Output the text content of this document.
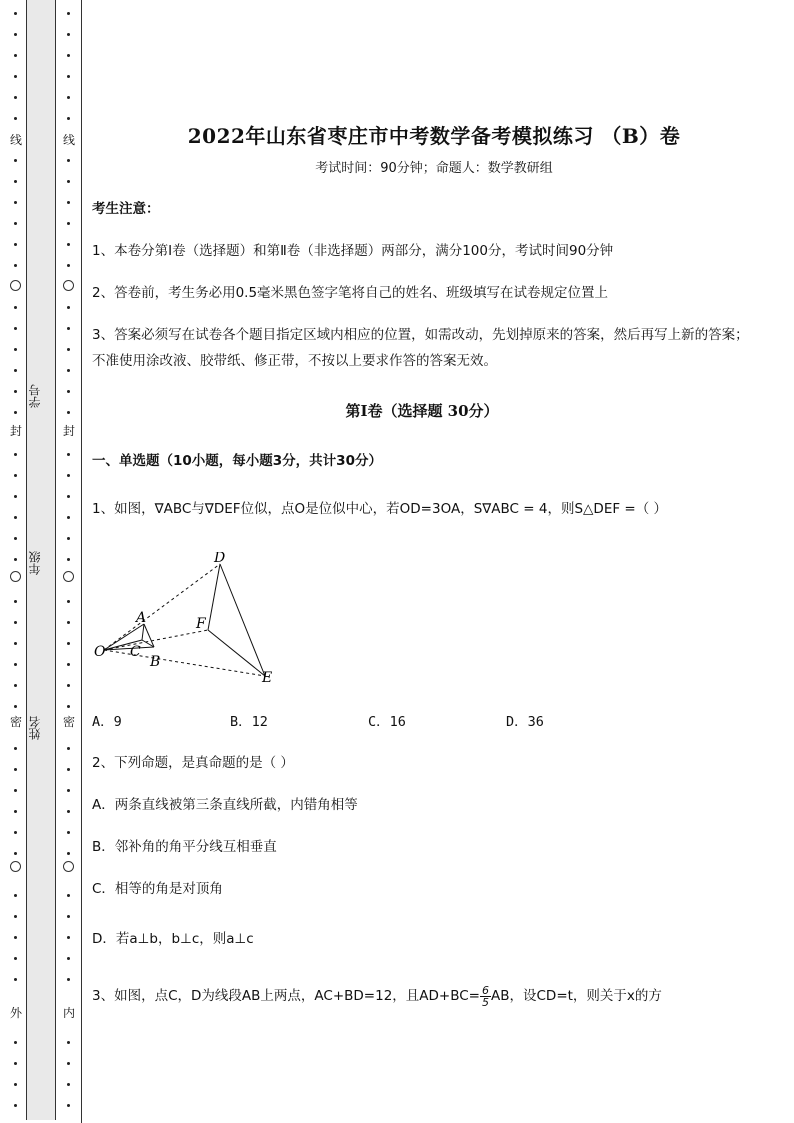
线
封
密
外
线
封
密
内
学号
年级
姓名
2022年山东省枣庄市中考数学备考模拟练习 （B）卷
考试时间：90分钟；命题人：数学教研组
考生注意：
1、本卷分第I卷（选择题）和第Ⅱ卷（非选择题）两部分，满分100分，考试时间90分钟
2、答卷前，考生务必用0.5毫米黑色签字笔将自己的姓名、班级填写在试卷规定位置上
3、答案必须写在试卷各个题目指定区域内相应的位置，如需改动，先划掉原来的答案，然后再写上新的答案；不准使用涂改液、胶带纸、修正带，不按以上要求作答的答案无效。
第I卷（选择题 30分）
一、单选题（10小题，每小题3分，共计30分）
1、如图，∇ABC与∇DEF位似，点O是位似中心，若OD=3OA，S∇ABC = 4，则S△DEF =（ ）
D
A	F
O C
B
E
A．9	B．12	C．16	D．36
2、下列命题，是真命题的是（ ）
A．两条直线被第三条直线所截，内错角相等
B．邻补角的角平分线互相垂直
C．相等的角是对顶角
D．若a⊥b，b⊥c，则a⊥c
3、如图，点C，D为线段AB上两点，AC+BD=12，且$AD+BC= \frac{6}{5}$ AB，设CD=t，则关于x的方
